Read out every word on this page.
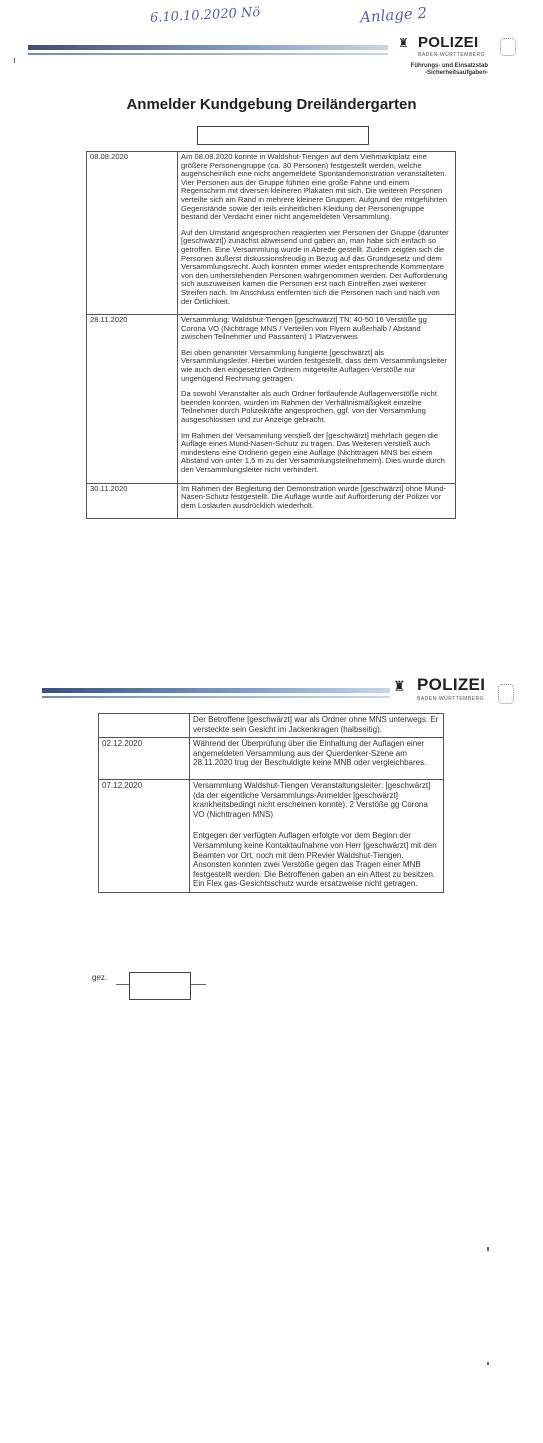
6.10.10.2020 Nö	Anlage 2
♜ POLIZEI
BADEN-WÜRTTEMBERG
Führungs- und Einsatzstab
-Sicherheitsaufgaben-
Anmelder Kundgebung Dreiländergarten
08.08.2020	Am 08.08.2020 konnte in Waldshut-Tiengen auf dem Viehmarktplatz eine größere Personengruppe (ca. 30 Personen) festgestellt werden, welche augenscheinlich eine nicht angemeldete Spontandemonstration veranstalteten. Vier Personen aus der Gruppe führten eine große Fahne und einem Regenschirm mit diversen kleineren Plakaten mit sich. Die weiteren Personen verteilte sich am Rand in mehrere kleinere Gruppen. Aufgrund der mitgeführten Gegenstände sowie der teils einheitlichen Kleidung der Personengruppe bestand der Verdacht einer nicht angemeldeten Versammlung.

Auf den Umstand angesprochen reagierten vier Personen der Gruppe (darunter [geschwärzt]) zunächst abweisend und gaben an, man habe sich einfach so getroffen. Eine Versammlung wurde in Abrede gestellt. Zudem zeigten sich die Personen äußerst diskussionsfreudig in Bezug auf das Grundgesetz und dem Versammlungsrecht. Auch konnten immer wieder entsprechende Kommentare von den umherstehenden Personen wahrgenommen werden. Der Aufforderung sich auszuweisen kamen die Personen erst nach Eintreffen zwei weiterer Streifen nach. Im Anschluss entfernten sich die Personen nach und nach von der Örtlichkeit.

28.11.2020	Versammlung: Waldshut-Tiengen [geschwärzt] TN: 40-50 16 Verstöße gg Corona VO (Nichttrage MNS / Verteilen von Flyern außerhalb / Abstand zwischen Teilnehmer und Passanten) 1 Platzverweis

Bei oben genannter Versammlung fungierte [geschwärzt] als Versammlungsleiter. Hierbei wurden festgestellt, dass dem Versammlungsleiter wie auch den eingesetzten Ordnern mitgeteilte Auflagen-Verstöße nur ungenügend Rechnung getragen.

Da sowohl Veranstalter als auch Ordner fortlaufende Auflagenverstöße nicht beenden konnten, wurden im Rahmen der Verhältnismäßigkeit einzelne Teilnehmer durch Polizeikräfte angesprochen, ggf. von der Versammlung ausgeschlossen und zur Anzeige gebracht.

Im Rahmen der Versammlung verstieß der [geschwärzt] mehrfach gegen die Auflage eines Mund-Nasen-Schutz zu tragen. Das Weiteren verstieß auch mindestens eine Ordnerin gegen eine Auflage (Nichttragen MNS bei einem Abstand von unter 1,5 m zu der Versammlungsteilnehmern). Dies wurde durch den Versammlungsleiter nicht verhindert.

30.11.2020	Im Rahmen der Begleitung der Demonstration wurde [geschwärzt] ohne Mund-Nasen-Schutz festgestellt. Die Auflage wurde auf Aufforderung der Polizei vor dem Loslaufen ausdrücklich wiederholt.

♜ POLIZEI
BADEN-WÜRTTEMBERG

	Der Betroffene [geschwärzt] war als Ordner ohne MNS unterwegs. Er versteckte sein Gesicht im Jackenkragen (halbseitig).

02.12.2020	Während der Überprüfung über die Einhaltung der Auflagen einer angemeldeten Versammlung aus der Querdenker-Szene am 28.11.2020 trug der Beschuldigte keine MNB oder vergleichbares.

07.12.2020	Versammlung Waldshut-Tiengen Veranstaltungsleiter: [geschwärzt] (da der eigentliche Versammlungs-Anmelder [geschwärzt] krankheitsbedingt nicht erscheinen konnte). 2 Verstöße gg Corona VO (Nichttragen MNS)

Entgegen der verfügten Auflagen erfolgte vor dem Beginn der Versammlung keine Kontaktaufnahme von Herr [geschwärzt] mit den Beamten vor Ort, noch mit dem PRevier Waldshut-Tiengen. Ansonsten konnten zwei Verstöße gegen das Tragen einer MNB festgestellt werden. Die Betroffenen gaben an ein Attest zu besitzen. Ein Flex gas-Gesichtsschutz wurde ersatzweise nicht getragen.

gez.
